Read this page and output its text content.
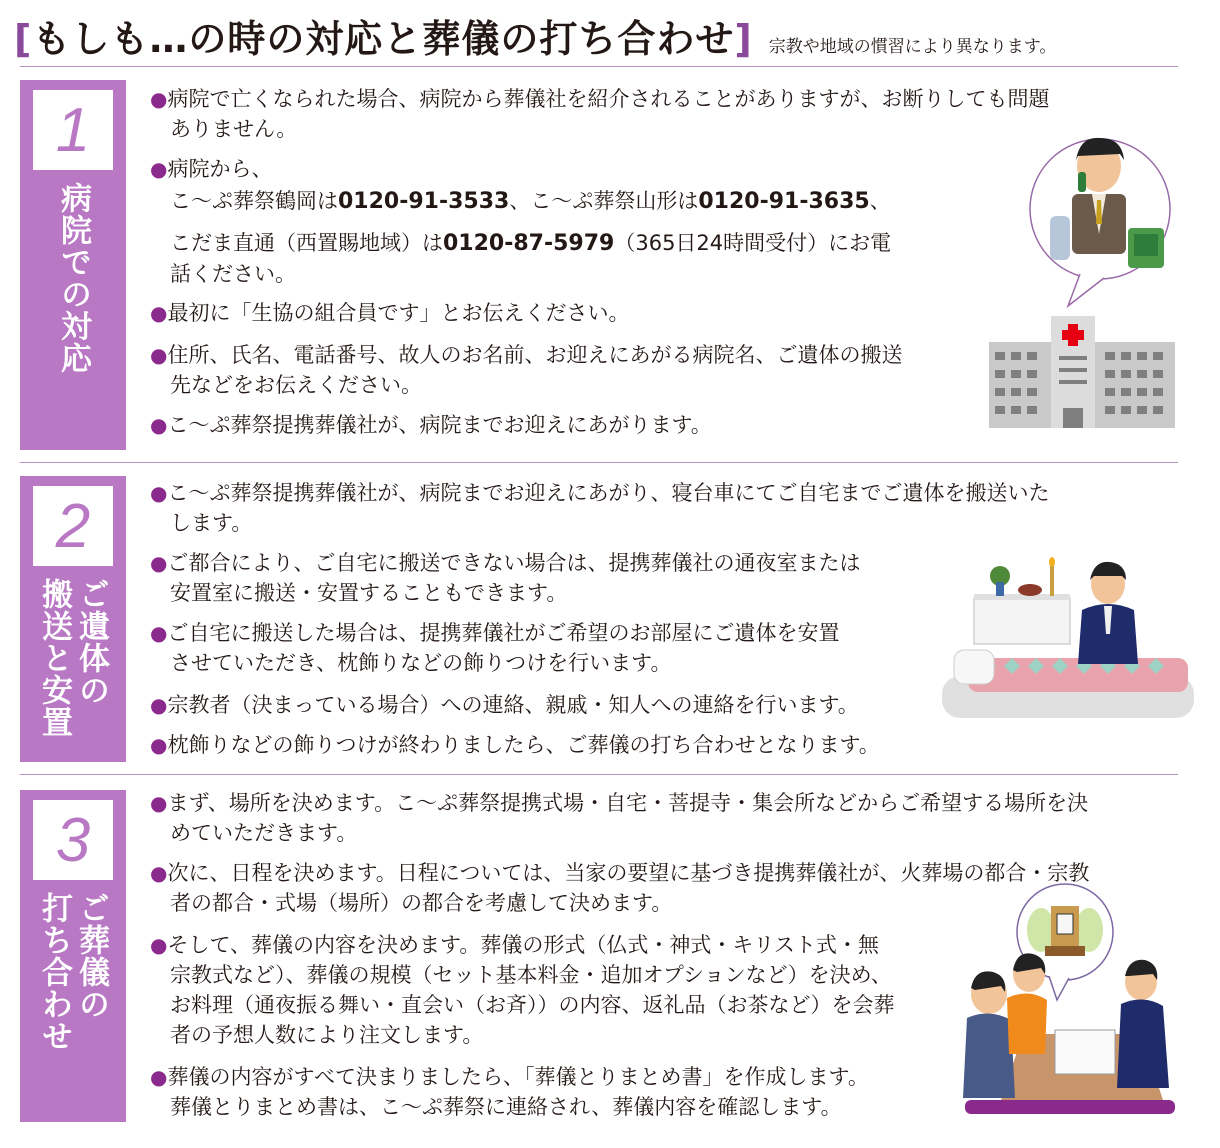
[もしも…の時の対応と葬儀の打ち合わせ] 宗教や地域の慣習により異なります。
1
病院での対応
●病院で亡くなられた場合、病院から葬儀社を紹介されることがありますが、お断りしても問題
ありません。
●病院から、
こ～ぷ葬祭鶴岡は0120-91-3533、こ～ぷ葬祭山形は0120-91-3635、
こだま直通（西置賜地域）は0120-87-5979（365日24時間受付）にお電
話ください。
●最初に「生協の組合員です」とお伝えください。
●住所、氏名、電話番号、故人のお名前、お迎えにあがる病院名、ご遺体の搬送
先などをお伝えください。
●こ～ぷ葬祭提携葬儀社が、病院までお迎えにあがります。
2
ご遺体の
搬送と安置
●こ～ぷ葬祭提携葬儀社が、病院までお迎えにあがり、寝台車にてご自宅までご遺体を搬送いた
します。
●ご都合により、ご自宅に搬送できない場合は、提携葬儀社の通夜室または
安置室に搬送・安置することもできます。
●ご自宅に搬送した場合は、提携葬儀社がご希望のお部屋にご遺体を安置
させていただき、枕飾りなどの飾りつけを行います。
●宗教者（決まっている場合）への連絡、親戚・知人への連絡を行います。
●枕飾りなどの飾りつけが終わりましたら、ご葬儀の打ち合わせとなります。
3
ご葬儀の
打ち合わせ
●まず、場所を決めます。こ～ぷ葬祭提携式場・自宅・菩提寺・集会所などからご希望する場所を決
めていただきます。
●次に、日程を決めます。日程については、当家の要望に基づき提携葬儀社が、火葬場の都合・宗教
者の都合・式場（場所）の都合を考慮して決めます。
●そして、葬儀の内容を決めます。葬儀の形式（仏式・神式・キリスト式・無
宗教式など）、葬儀の規模（セット基本料金・追加オプションなど）を決め、
お料理（通夜振る舞い・直会い（お斉））の内容、返礼品（お茶など）を会葬
者の予想人数により注文します。
●葬儀の内容がすべて決まりましたら、「葬儀とりまとめ書」を作成します。
葬儀とりまとめ書は、こ～ぷ葬祭に連絡され、葬儀内容を確認します。
